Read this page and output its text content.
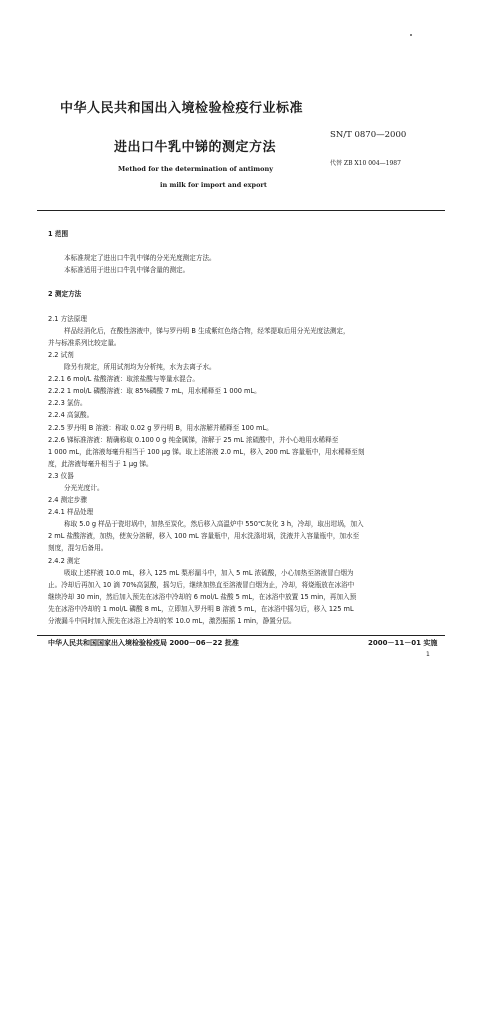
中华人民共和国出入境检验检疫行业标准
进出口牛乳中锑的测定方法
SN/T 0870—2000
代替 ZB X10 004—1987
Method for the determination of antimony
in milk for import and export
1 范围
本标准规定了进出口牛乳中锑的分光光度测定方法。
本标准适用于进出口牛乳中锑含量的测定。
2 测定方法
2.1 方法原理
样品经消化后，在酸性溶液中，锑与罗丹明 B 生成紫红色络合物，经苯提取后用分光光度法测定，
并与标准系列比较定量。
2.2 试剂
除另有规定，所用试剂均为分析纯，水为去离子水。
2.2.1 6 mol/L 盐酸溶液：取浓盐酸与等量水混合。
2.2.2 1 mol/L 磷酸溶液：取 85%磷酸 7 mL，用水稀释至 1 000 mL。
2.2.3 氯仿。
2.2.4 高氯酸。
2.2.5 罗丹明 B 溶液：称取 0.02 g 罗丹明 B，用水溶解并稀释至 100 mL。
2.2.6 锑标准溶液：精确称取 0.100 0 g 纯金属锑，溶解于 25 mL 浓硫酸中，并小心地用水稀释至
1 000 mL，此溶液每毫升相当于 100 μg 锑。取上述溶液 2.0 mL，移入 200 mL 容量瓶中，用水稀释至刻
度，此溶液每毫升相当于 1 μg 锑。
2.3 仪器
分光光度计。
2.4 测定步骤
2.4.1 样品处理
称取 5.0 g 样品于瓷坩埚中，加热至炭化，然后移入高温炉中 550℃灰化 3 h，冷却，取出坩埚，加入
2 mL 盐酸溶液，加热，使灰分溶解，移入 100 mL 容量瓶中，用水洗涤坩埚，洗液并入容量瓶中，加水至
刻度，混匀后备用。
2.4.2 测定
吸取上述样液 10.0 mL，移入 125 mL 梨形漏斗中，加入 5 mL 浓硫酸，小心加热至溶液冒白烟为
止。冷却后再加入 10 滴 70%高氯酸，摇匀后，继续加热直至溶液冒白烟为止，冷却，将烧瓶放在冰浴中
继续冷却 30 min，然后加入预先在冰浴中冷却的 6 mol/L 盐酸 5 mL，在冰浴中放置 15 min，再加入预
先在冰浴中冷却的 1 mol/L 磷酸 8 mL，立即加入罗丹明 B 溶液 5 mL，在冰浴中摇匀后，移入 125 mL
分液漏斗中同时加入预先在冰浴上冷却的苯 10.0 mL，激烈振摇 1 min，静置分层。
中华人民共和国国家出入境检验检疫局 2000－06－22 批准	2000－11－01 实施
1
